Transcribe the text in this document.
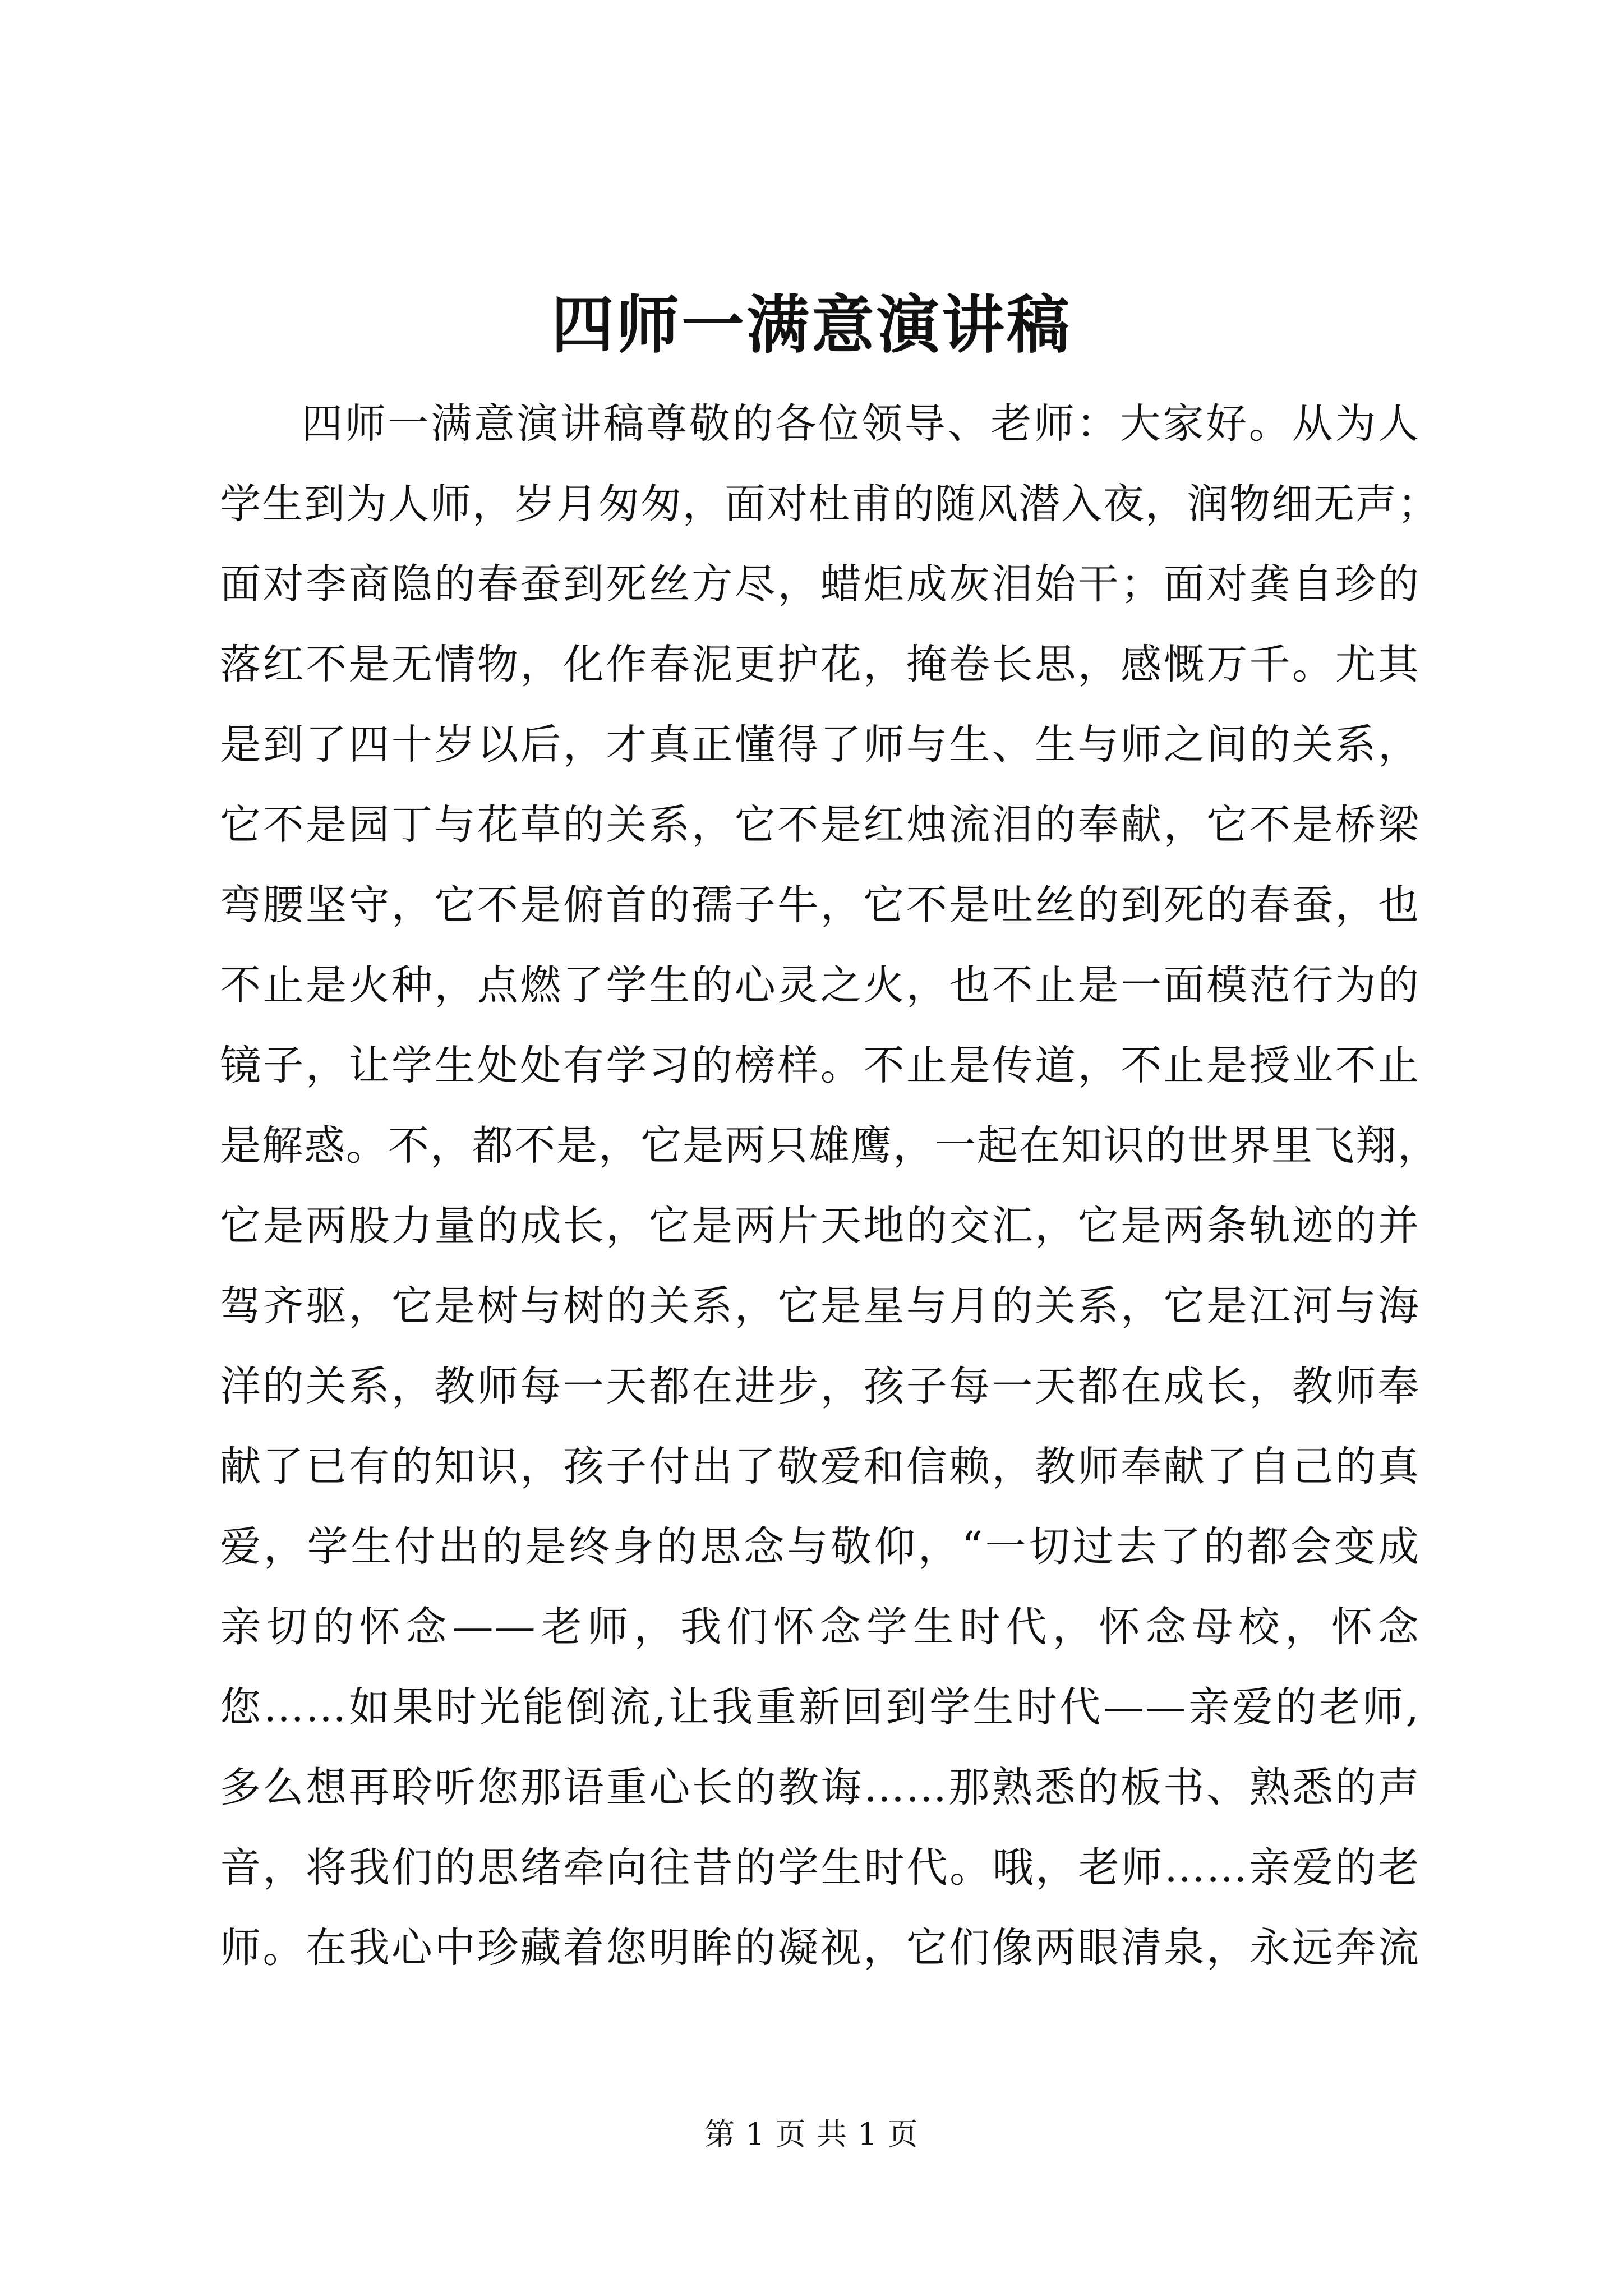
四师一满意演讲稿
四师一满意演讲稿尊敬的各位领导、老师：大家好。从为人
学生到为人师，岁月匆匆，面对杜甫的随风潜入夜，润物细无声；
面对李商隐的春蚕到死丝方尽，蜡炬成灰泪始干；面对龚自珍的
落红不是无情物，化作春泥更护花，掩卷长思，感慨万千。尤其
是到了四十岁以后，才真正懂得了师与生、生与师之间的关系，
它不是园丁与花草的关系，它不是红烛流泪的奉献，它不是桥梁
弯腰坚守，它不是俯首的孺子牛，它不是吐丝的到死的春蚕，也
不止是火种，点燃了学生的心灵之火，也不止是一面模范行为的
镜子，让学生处处有学习的榜样。不止是传道，不止是授业不止
是解惑。不，都不是，它是两只雄鹰，一起在知识的世界里飞翔，
它是两股力量的成长，它是两片天地的交汇，它是两条轨迹的并
驾齐驱，它是树与树的关系，它是星与月的关系，它是江河与海
洋的关系，教师每一天都在进步，孩子每一天都在成长，教师奉
献了已有的知识，孩子付出了敬爱和信赖，教师奉献了自己的真
爱，学生付出的是终身的思念与敬仰，“一切过去了的都会变成
亲切的怀念——老师，我们怀念学生时代，怀念母校，怀念
您……如果时光能倒流,让我重新回到学生时代——亲爱的老师,
多么想再聆听您那语重心长的教诲……那熟悉的板书、熟悉的声
音，将我们的思绪牵向往昔的学生时代。哦，老师……亲爱的老
师。在我心中珍藏着您明眸的凝视，它们像两眼清泉，永远奔流
第 1 页 共 1 页
